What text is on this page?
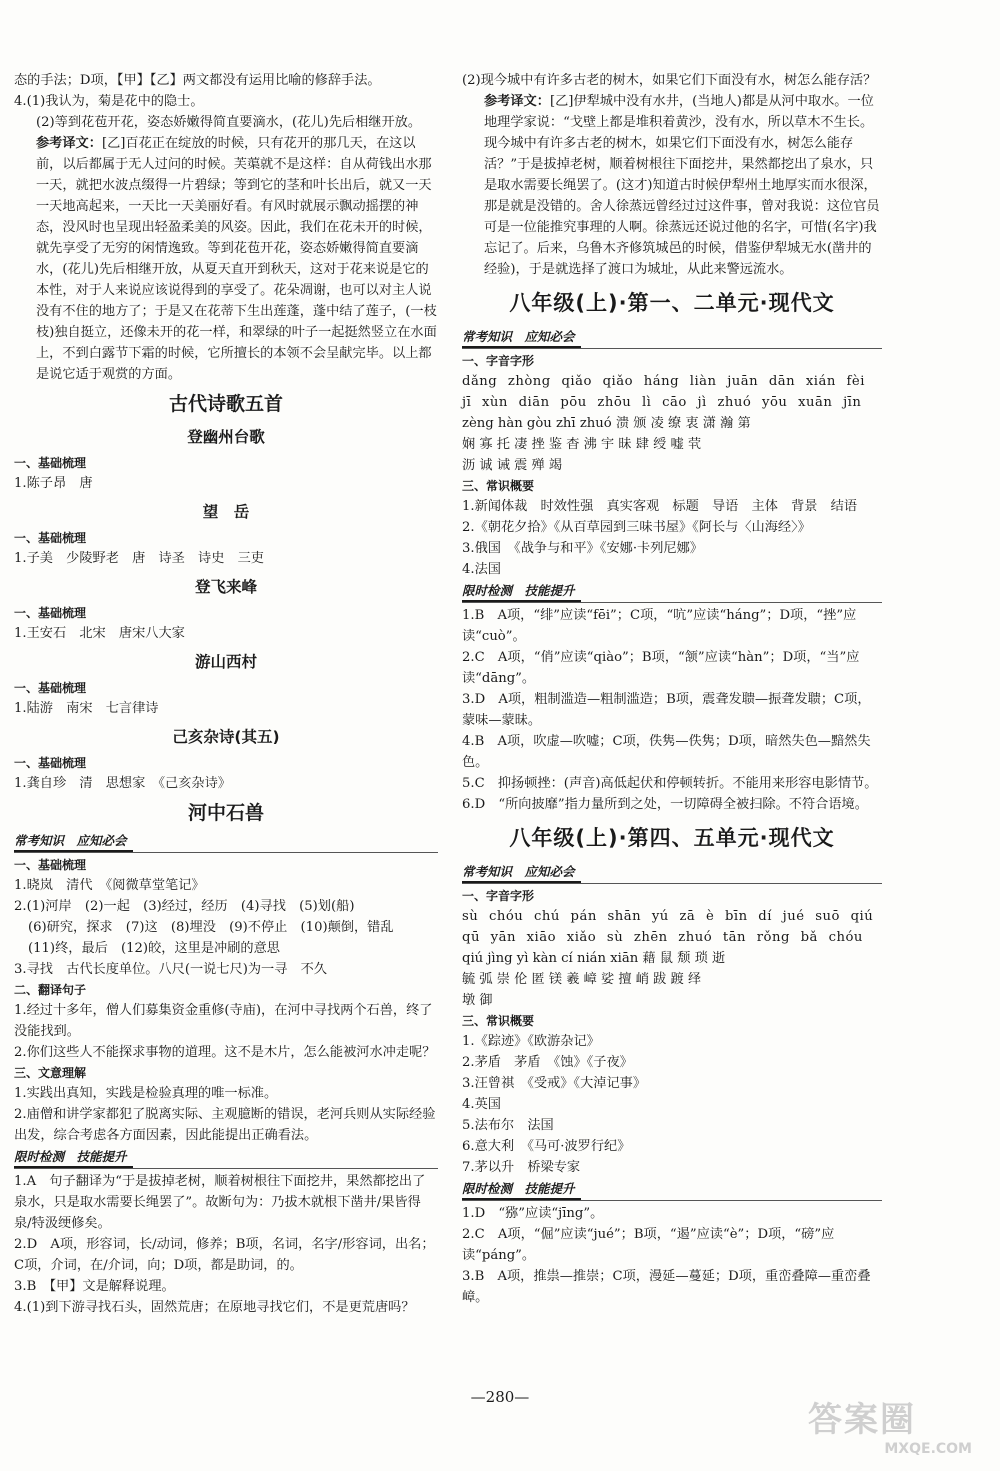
态的手法；D项，【甲】【乙】两文都没有运用比喻的修辞手法。

4.(1)我认为，菊是花中的隐士。

(2)等到花苞开花，姿态娇嫩得简直要滴水，(花儿)先后相继开放。

参考译文：[乙]百花正在绽放的时候，只有花开的那几天，在这以前，以后都属于无人过问的时候。芙蕖就不是这样：自从荷钱出水那一天，就把水波点缀得一片碧绿；等到它的茎和叶长出后，就又一天一天地高起来，一天比一天美丽好看。有风时就展示飘动摇摆的神态，没风时也呈现出轻盈柔美的风姿。因此，我们在花未开的时候，就先享受了无穷的闲情逸致。等到花苞开花，姿态娇嫩得简直要滴水，(花儿)先后相继开放，从夏天直开到秋天，这对于花来说是它的本性，对于人来说应该说得到的享受了。花朵凋谢，也可以对主人说没有不住的地方了；于是又在花蒂下生出莲蓬，蓬中结了莲子，(一枝枝)独自挺立，还像未开的花一样，和翠绿的叶子一起挺然竖立在水面上，不到白露节下霜的时候，它所擅长的本领不会呈献完毕。以上都是说它适于观赏的方面。

古代诗歌五首

登幽州台歌

一、基础梳理

1.陈子昂　唐

望　岳

一、基础梳理

1.子美　少陵野老　唐　诗圣　诗史　三吏

登飞来峰

一、基础梳理

1.王安石　北宋　唐宋八大家

游山西村

一、基础梳理

1.陆游　南宋　七言律诗

己亥杂诗(其五)

一、基础梳理

1.龚自珍　清　思想家　《己亥杂诗》

河中石兽

常考知识　应知必会

一、基础梳理

1.晓岚　清代　《阅微草堂笔记》

2.(1)河岸　(2)一起　(3)经过，经历　(4)寻找　(5)划(船)

(6)研究，探求　(7)这　(8)埋没　(9)不停止　(10)颠倒，错乱

(11)终，最后　(12)皎，这里是冲刷的意思

3.寻找　古代长度单位。八尺(一说七尺)为一寻　不久

二、翻译句子

1.经过十多年，僧人们募集资金重修(寺庙)，在河中寻找两个石兽，终了没能找到。

2.你们这些人不能探求事物的道理。这不是木片，怎么能被河水冲走呢？

三、文意理解

1.实践出真知，实践是检验真理的唯一标准。

2.庙僧和讲学家都犯了脱离实际、主观臆断的错误，老河兵则从实际经验出发，综合考虑各方面因素，因此能提出正确看法。

限时检测　技能提升

1.A　句子翻译为“于是拔掉老树，顺着树根往下面挖井，果然都挖出了泉水，只是取水需要长绳罢了”。故断句为：乃拔木就根下凿井/果皆得泉/特汲绠修矣。

2.D　A项，形容词，长/动词，修养；B项，名词，名字/形容词，出名；C项，介词，在/介词，向；D项，都是助词，的。

3.B　【甲】文是解释说理。

4.(1)到下游寻找石头，固然荒唐；在原地寻找它们，不是更荒唐吗？

(2)现今城中有许多古老的树木，如果它们下面没有水，树怎么能存活？

参考译文：[乙]伊犁城中没有水井，(当地人)都是从河中取水。一位地理学家说：“戈壁上都是堆积着黄沙，没有水，所以草木不生长。现今城中有许多古老的树木，如果它们下面没有水，树怎么能存活？”于是拔掉老树，顺着树根往下面挖井，果然都挖出了泉水，只是取水需要长绳罢了。(这才)知道古时候伊犁州土地厚实而水很深，那是就是没错的。舍人徐蒸远曾经过过这件事，曾对我说：这位官员可是一位能推究事理的人啊。徐蒸远还说过他的名字，可惜(名字)我忘记了。后来，乌鲁木齐修筑城邑的时候，借鉴伊犁城无水(凿井的经验)，于是就选择了渡口为城址，从此来警远流水。

八年级(上)·第一、二单元·现代文

常考知识　应知必会

一、字音字形

dǎng zhòng qiǎo qiǎo háng liàn juān dān xián fèi

jī xùn diān pōu zhōu lì cāo jì zhuó yōu xuān jīn

zèng hàn gòu zhī zhuó 溃 颁 凌 缭 衷 潇 瀚 第

娴 寡 托 凄 挫 鉴 杳 沸 宇 昧 肆 绶 嘘 茕

沥 诚 诫 震 殚 竭

三、常识概要

1.新闻体裁　时效性强　真实客观　标题　导语　主体　背景　结语

2.《朝花夕拾》《从百草园到三味书屋》《阿长与〈山海经〉》

3.俄国　《战争与和平》《安娜·卡列尼娜》

4.法国

限时检测　技能提升

1.B　A项，“绯”应读“fēi”；C项，“吭”应读“háng”；D项，“挫”应读“cuò”。

2.C　A项，“俏”应读“qiào”；B项，“颔”应读“hàn”；D项，“当”应读“dāng”。

3.D　A项，粗制滥造—粗制滥造；B项，震聋发聩—振聋发聩；C项，蒙味—蒙昧。

4.B　A项，吹虚—吹嘘；C项，佚隽—佚隽；D项，暗然失色—黯然失色。

5.C　抑扬顿挫：(声音)高低起伏和停顿转折。不能用来形容电影情节。

6.D　“所向披靡”指力量所到之处，一切障碍全被扫除。不符合语境。

八年级(上)·第四、五单元·现代文

常考知识　应知必会

一、字音字形

sù chóu chú pán shān yú zā è bīn dí jué suō qiú

qū yān xiāo xiǎo sù zhēn zhuó tān rǒng bǎ chóu

qiú jìng yì kàn cí nián xiān 藉 鼠 颓 琐 逝

毓 弧 崇 伦 匿 镁 羲 嶂 娑 擅 峭 跋 踱 绎

墩 御

三、常识概要

1.《踪迹》《欧游杂记》

2.茅盾　茅盾　《蚀》《子夜》

3.汪曾祺　《受戒》《大淖记事》

4.英国

5.法布尔　法国

6.意大利　《马可·波罗行纪》

7.茅以升　桥梁专家

限时检测　技能提升

1.D　“猕”应读“jīng”。

2.C　A项，“倔”应读“jué”；B项，“遏”应读“è”；D项，“磅”应读“páng”。

3.B　A项，推祟—推崇；C项，漫延—蔓延；D项，重峦叠障—重峦叠嶂。

—280—
答案圈
MXQE.COM
